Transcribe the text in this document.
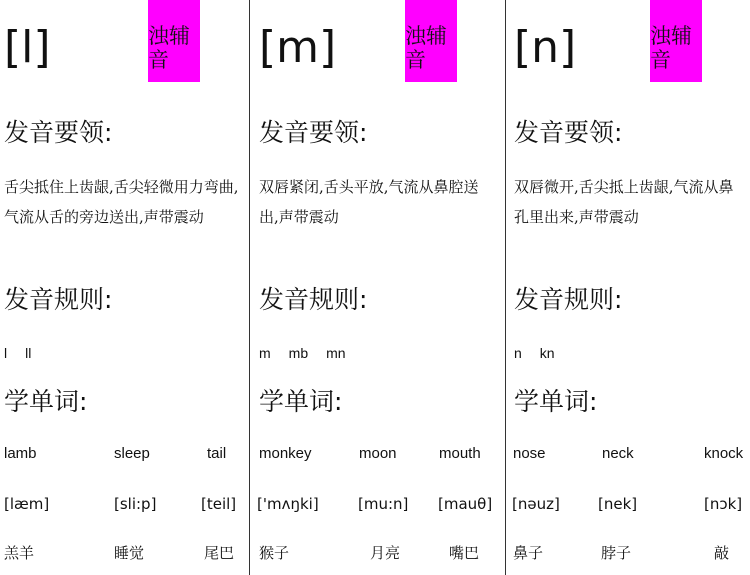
[l]	浊辅音
发音要领:
舌尖抵住上齿龈,舌尖轻微用力弯曲,
气流从舌的旁边送出,声带震动
发音规则:
l ll
学单词:
lamb	sleep	tail
[læm]	[sli:p]	[teil]
羔羊	睡觉	尾巴
[m]	浊辅音
发音要领:
双唇紧闭,舌头平放,气流从鼻腔送
出,声带震动
发音规则:
m mb mn
学单词:
monkey	moon	mouth
['mʌŋki]	[mu:n] [mauθ]
猴子	月亮	嘴巴
[n]	浊辅音
发音要领:
双唇微开,舌尖抵上齿龈,气流从鼻
孔里出来,声带震动
发音规则:
n kn
学单词:
nose	neck	knock
[nəuz]	[nek]	[nɔk]
鼻子	脖子	敲
